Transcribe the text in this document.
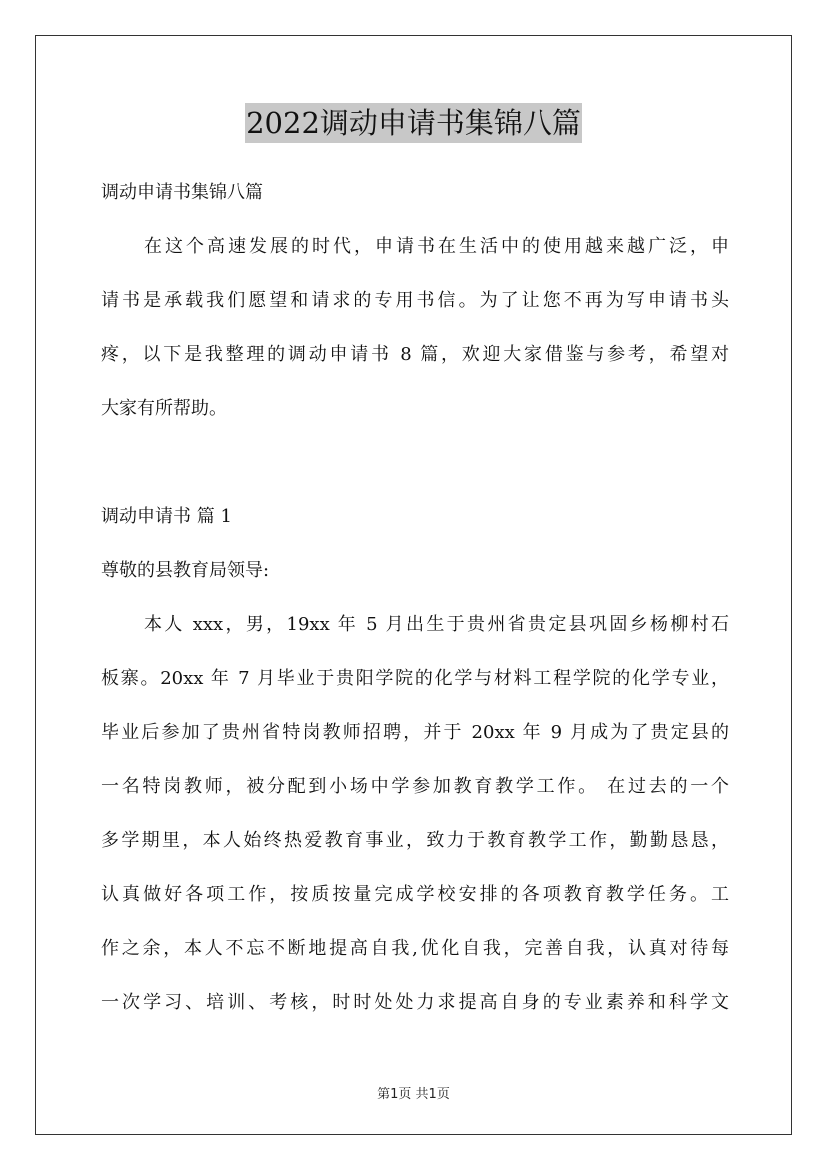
2022调动申请书集锦八篇
调动申请书集锦八篇
在这个高速发展的时代，申请书在生活中的使用越来越广泛，申
请书是承载我们愿望和请求的专用书信。为了让您不再为写申请书头
疼，以下是我整理的调动申请书 8 篇，欢迎大家借鉴与参考，希望对
大家有所帮助。
调动申请书 篇 1
尊敬的县教育局领导:
本人 xxx，男，19xx 年 5 月出生于贵州省贵定县巩固乡杨柳村石
板寨。20xx 年 7 月毕业于贵阳学院的化学与材料工程学院的化学专业，
毕业后参加了贵州省特岗教师招聘，并于 20xx 年 9 月成为了贵定县的
一名特岗教师，被分配到小场中学参加教育教学工作。 在过去的一个
多学期里，本人始终热爱教育事业，致力于教育教学工作，勤勤恳恳，
认真做好各项工作，按质按量完成学校安排的各项教育教学任务。工
作之余，本人不忘不断地提高自我,优化自我，完善自我，认真对待每
一次学习、培训、考核，时时处处力求提高自身的专业素养和科学文
第1页 共1页
